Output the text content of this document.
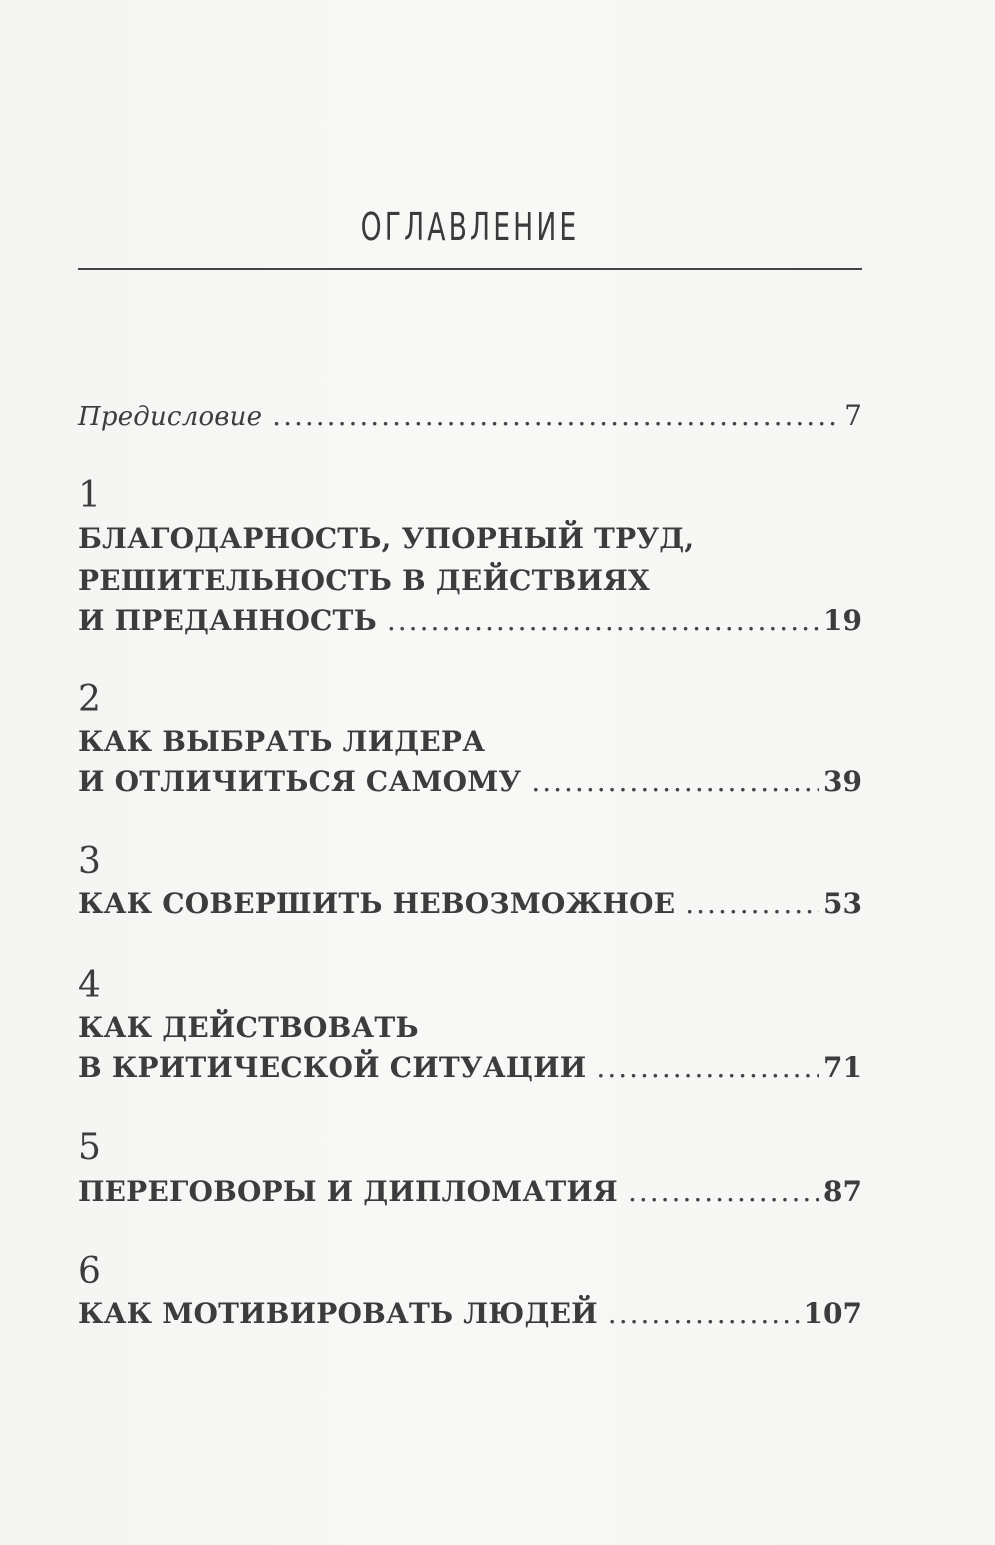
ОГЛАВЛЕНИЕ
Предисловие .....	7
1
БЛАГОДАРНОСТЬ, УПОРНЫЙ ТРУД,
РЕШИТЕЛЬНОСТЬ В ДЕЙСТВИЯХ
И ПРЕДАННОСТЬ .....	19
2
КАК ВЫБРАТЬ ЛИДЕРА
И ОТЛИЧИТЬСЯ САМОМУ .....	39
3
КАК СОВЕРШИТЬ НЕВОЗМОЖНОЕ .....	53
4
КАК ДЕЙСТВОВАТЬ
В КРИТИЧЕСКОЙ СИТУАЦИИ .....	71
5
ПЕРЕГОВОРЫ И ДИПЛОМАТИЯ .....	87
6
КАК МОТИВИРОВАТЬ ЛЮДЕЙ .....	107
